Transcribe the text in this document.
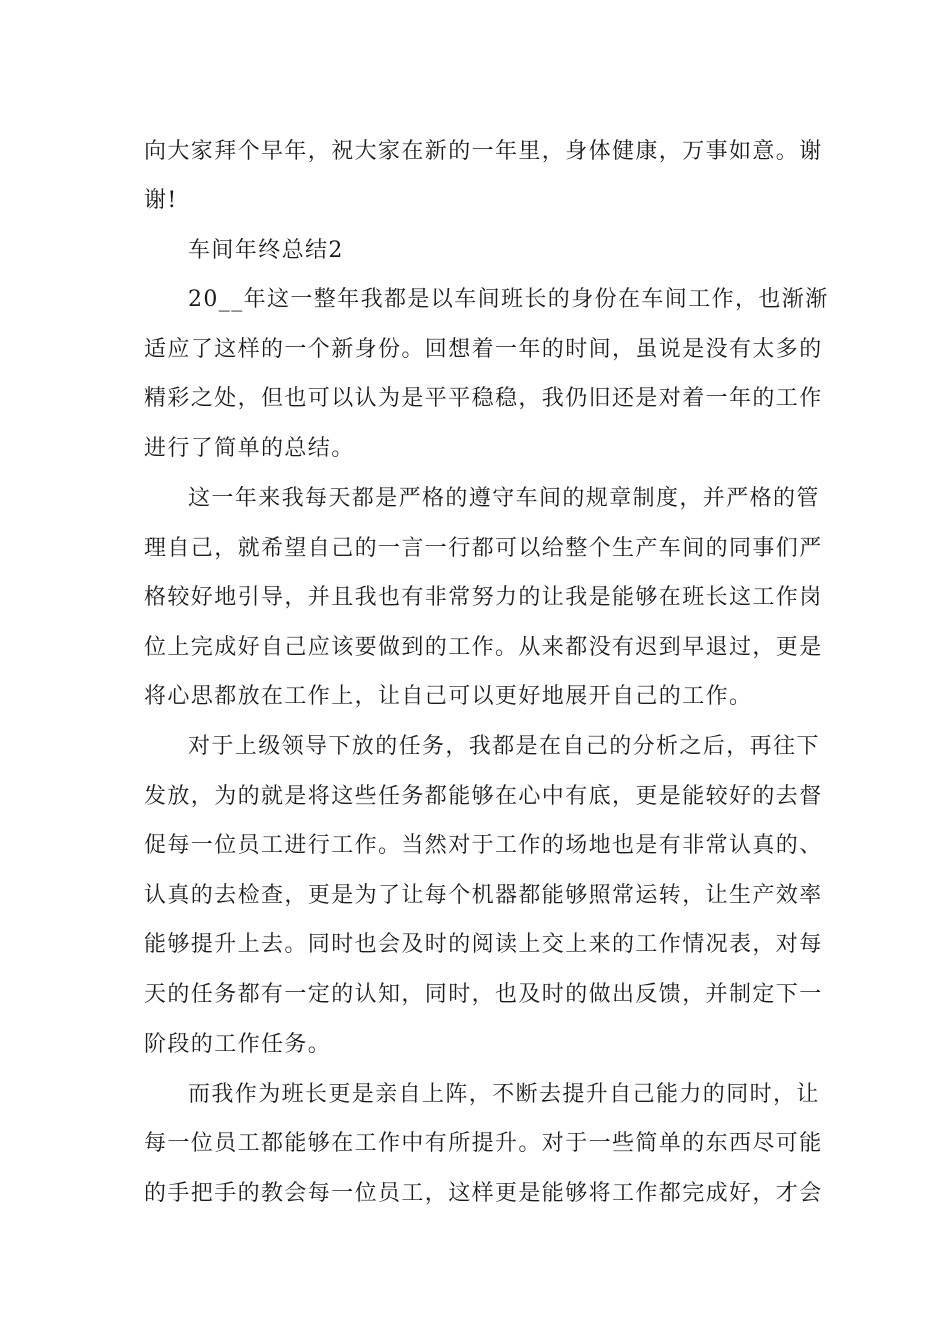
向大家拜个早年，祝大家在新的一年里，身体健康，万事如意。谢
谢!
车间年终总结2
20__年这一整年我都是以车间班长的身份在车间工作，也渐渐
适应了这样的一个新身份。回想着一年的时间，虽说是没有太多的
精彩之处，但也可以认为是平平稳稳，我仍旧还是对着一年的工作
进行了简单的总结。
这一年来我每天都是严格的遵守车间的规章制度，并严格的管
理自己，就希望自己的一言一行都可以给整个生产车间的同事们严
格较好地引导，并且我也有非常努力的让我是能够在班长这工作岗
位上完成好自己应该要做到的工作。从来都没有迟到早退过，更是
将心思都放在工作上，让自己可以更好地展开自己的工作。
对于上级领导下放的任务，我都是在自己的分析之后，再往下
发放，为的就是将这些任务都能够在心中有底，更是能较好的去督
促每一位员工进行工作。当然对于工作的场地也是有非常认真的、
认真的去检查，更是为了让每个机器都能够照常运转，让生产效率
能够提升上去。同时也会及时的阅读上交上来的工作情况表，对每
天的任务都有一定的认知，同时，也及时的做出反馈，并制定下一
阶段的工作任务。
而我作为班长更是亲自上阵，不断去提升自己能力的同时，让
每一位员工都能够在工作中有所提升。对于一些简单的东西尽可能
的手把手的教会每一位员工，这样更是能够将工作都完成好，才会
